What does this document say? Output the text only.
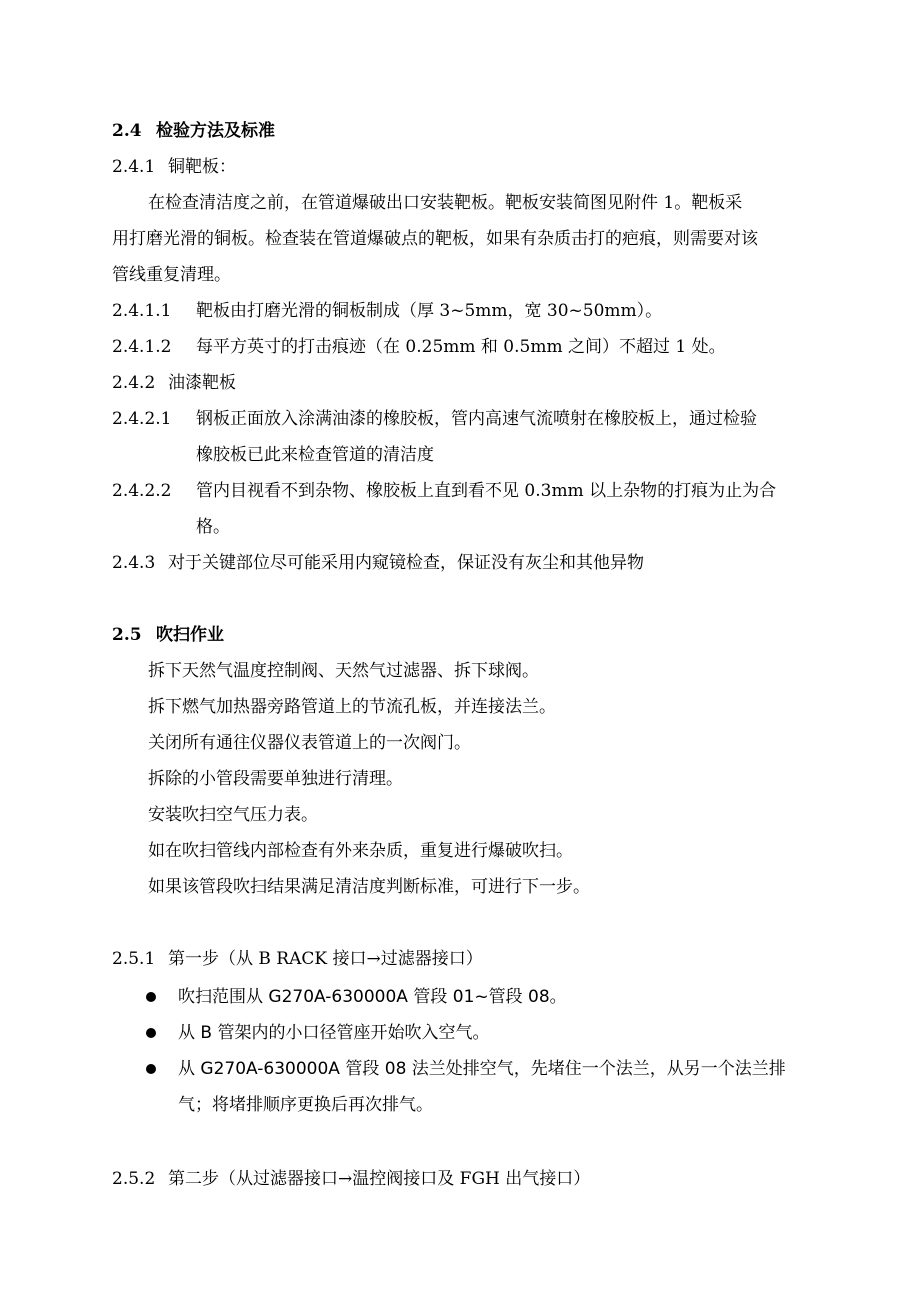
2.4 检验方法及标准
2.4.1 铜靶板：
在检查清洁度之前，在管道爆破出口安装靶板。靶板安装简图见附件 1。靶板采
用打磨光滑的铜板。检查装在管道爆破点的靶板，如果有杂质击打的疤痕，则需要对该
管线重复清理。
2.4.1.1 靶板由打磨光滑的铜板制成（厚 3~5mm，宽 30~50mm）。
2.4.1.2 每平方英寸的打击痕迹（在 0.25mm 和 0.5mm 之间）不超过 1 处。
2.4.2 油漆靶板
2.4.2.1 钢板正面放入涂满油漆的橡胶板，管内高速气流喷射在橡胶板上，通过检验
橡胶板已此来检查管道的清洁度
2.4.2.2 管内目视看不到杂物、橡胶板上直到看不见 0.3mm 以上杂物的打痕为止为合
格。
2.4.3 对于关键部位尽可能采用内窥镜检查，保证没有灰尘和其他异物
2.5 吹扫作业
拆下天然气温度控制阀、天然气过滤器、拆下球阀。
拆下燃气加热器旁路管道上的节流孔板，并连接法兰。
关闭所有通往仪器仪表管道上的一次阀门。
拆除的小管段需要单独进行清理。
安装吹扫空气压力表。
如在吹扫管线内部检查有外来杂质，重复进行爆破吹扫。
如果该管段吹扫结果满足清洁度判断标准，可进行下一步。
2.5.1 第一步（从 B RACK 接口→过滤器接口）
吹扫范围从 G270A-630000A 管段 01~管段 08。
从 B 管架内的小口径管座开始吹入空气。
从 G270A-630000A 管段 08 法兰处排空气，先堵住一个法兰，从另一个法兰排
气；将堵排顺序更换后再次排气。
2.5.2 第二步（从过滤器接口→温控阀接口及 FGH 出气接口）
